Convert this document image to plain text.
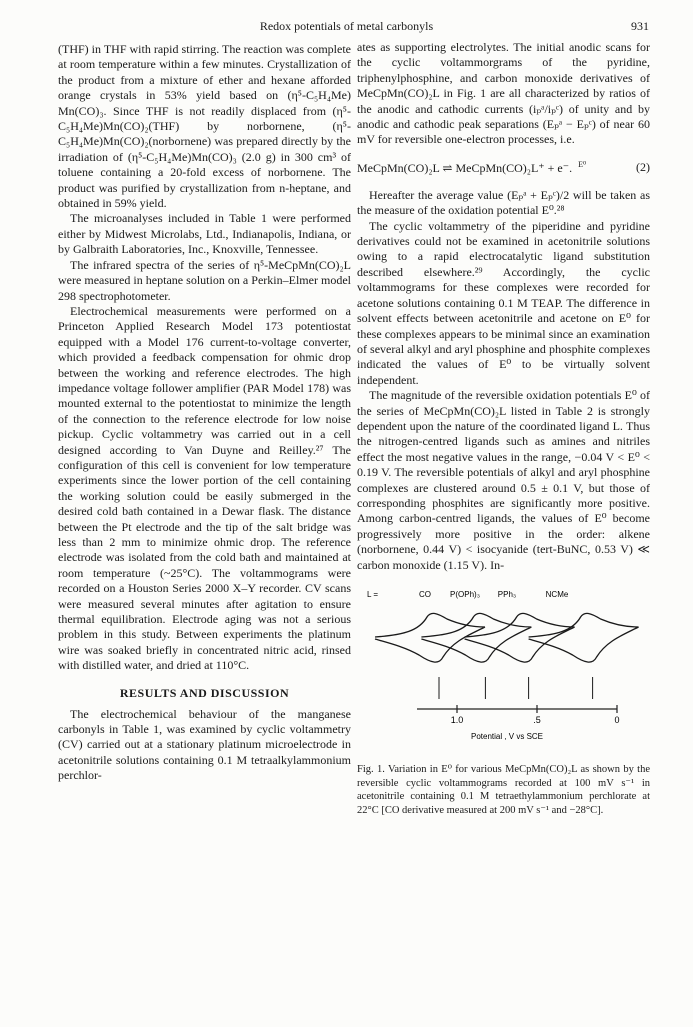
Redox potentials of metal carbonyls	931

(THF) in THF with rapid stirring. The reaction was complete at room temperature within a few minutes. Crystallization of the product from a mixture of ether and hexane afforded orange crystals in 53% yield based on (η⁵-C₅H₄Me) Mn(CO)₃. Since THF is not readily displaced from (η⁵-C₅H₄Me)Mn(CO)₂(THF) by norbornene, (η⁵-C₅H₄Me)Mn(CO)₂(norbornene) was prepared directly by the irradiation of (η⁵-C₅H₄Me)Mn(CO)₃ (2.0 g) in 300 cm³ of toluene containing a 20-fold excess of norbornene. The product was purified by crystallization from n-heptane, and obtained in 59% yield.

The microanalyses included in Table 1 were performed either by Midwest Microlabs, Ltd., Indianapolis, Indiana, or by Galbraith Laboratories, Inc., Knoxville, Tennessee.

The infrared spectra of the series of η⁵-MeCpMn(CO)₂L were measured in heptane solution on a Perkin–Elmer model 298 spectrophotometer.

Electrochemical measurements were performed on a Princeton Applied Research Model 173 potentiostat equipped with a Model 176 current-to-voltage converter, which provided a feedback compensation for ohmic drop between the working and reference electrodes. The high impedance voltage follower amplifier (PAR Model 178) was mounted external to the potentiostat to minimize the length of the connection to the reference electrode for low noise pickup. Cyclic voltammetry was carried out in a cell designed according to Van Duyne and Reilley.²⁷ The configuration of this cell is convenient for low temperature experiments since the lower portion of the cell containing the working solution could be easily submerged in the desired cold bath contained in a Dewar flask. The distance between the Pt electrode and the tip of the salt bridge was less than 2 mm to minimize ohmic drop. The reference electrode was isolated from the cold bath and maintained at room temperature (~25°C). The voltammograms were recorded on a Houston Series 2000 X–Y recorder. CV scans were measured several minutes after agitation to ensure thermal equilibration. Electrode aging was not a serious problem in this study. Between experiments the platinum wire was soaked briefly in concentrated nitric acid, rinsed with distilled water, and dried at 110°C.

RESULTS AND DISCUSSION

The electrochemical behaviour of the manganese carbonyls in Table 1, was examined by cyclic voltammetry (CV) carried out at a stationary platinum microelectrode in acetonitrile solutions containing 0.1 M tetraalkylammonium perchlor-

ates as supporting electrolytes. The initial anodic scans for the cyclic voltammorgrams of the pyridine, triphenylphosphine, and carbon monoxide derivatives of MeCpMn(CO)₂L in Fig. 1 are all characterized by ratios of the anodic and cathodic currents (iₚᵃ/iₚᶜ) of unity and by anodic and cathodic peak separations (Eₚᵃ − Eₚᶜ) of near 60 mV for reversible one-electron processes, i.e.

MeCpMn(CO)₂L ⇌ MeCpMn(CO)₂L⁺ + e⁻. $^{E^0}$	(2)

Hereafter the average value (Eₚᵃ + Eₚᶜ)/2 will be taken as the measure of the oxidation potential E⁰.²⁸

The cyclic voltammetry of the piperidine and pyridine derivatives could not be examined in acetonitrile solutions owing to a rapid electrocatalytic ligand substitution described elsewhere.²⁹ Accordingly, the cyclic voltammograms for these complexes were recorded for acetone solutions containing 0.1 M TEAP. The difference in solvent effects between acetonitrile and acetone on E⁰ for these complexes appears to be minimal since an examination of several alkyl and aryl phosphine and phosphite complexes indicated the values of E⁰ to be virtually solvent independent.

The magnitude of the reversible oxidation potentials E⁰ of the series of MeCpMn(CO)₂L listed in Table 2 is strongly dependent upon the nature of the coordinated ligand L. Thus the nitrogen-centred ligands such as amines and nitriles effect the most negative values in the range, −0.04 V < E⁰ < 0.19 V. The reversible potentials of alkyl and aryl phosphine complexes are clustered around 0.5 ± 0.1 V, but those of corresponding phosphites are significantly more positive. Among carbon-centred ligands, the values of E⁰ become progressively more positive in the order: alkene (norbornene, 0.44 V) < isocyanide (tert-BuNC, 0.53 V) ≪ carbon monoxide (1.15 V). In-

L =	CO P(OPh)₃ PPh₃	NCMe
1.0	.5	0
Potential , V vs SCE
Fig. 1. Variation in E⁰ for various MeCpMn(CO)₂L as shown by the reversible cyclic voltammograms recorded at 100 mV s⁻¹ in acetonitrile containing 0.1 M tetraethylammonium perchlorate at 22°C [CO derivative measured at 200 mV s⁻¹ and −28°C].
